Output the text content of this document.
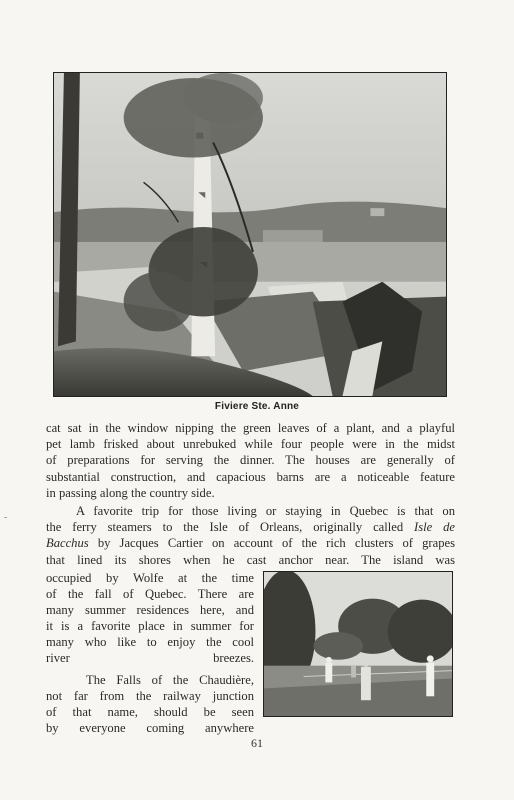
Fiviere Ste. Anne
cat sat in the window nipping the green leaves of a plant, and a playful
pet lamb frisked about unrebuked while four people were in the midst
of preparations for serving the dinner. The houses are generally of
substantial construction, and capacious barns are a noticeable feature
in passing along the country side.
A favorite trip for those living or staying in Quebec is that on
the ferry steamers to the Isle of Orleans, originally called Isle de
Bacchus by Jacques Cartier on account of the rich clusters of grapes
that lined its shores when he cast anchor near. The island was
occupied by Wolfe at the time
of the fall of Quebec. There are
many summer residences here, and
it is a favorite place in summer for
many who like to enjoy the cool
river breezes.
The Falls of the Chaudière,
not far from the railway junction
of that name, should be seen
by everyone coming anywhere
61
-
